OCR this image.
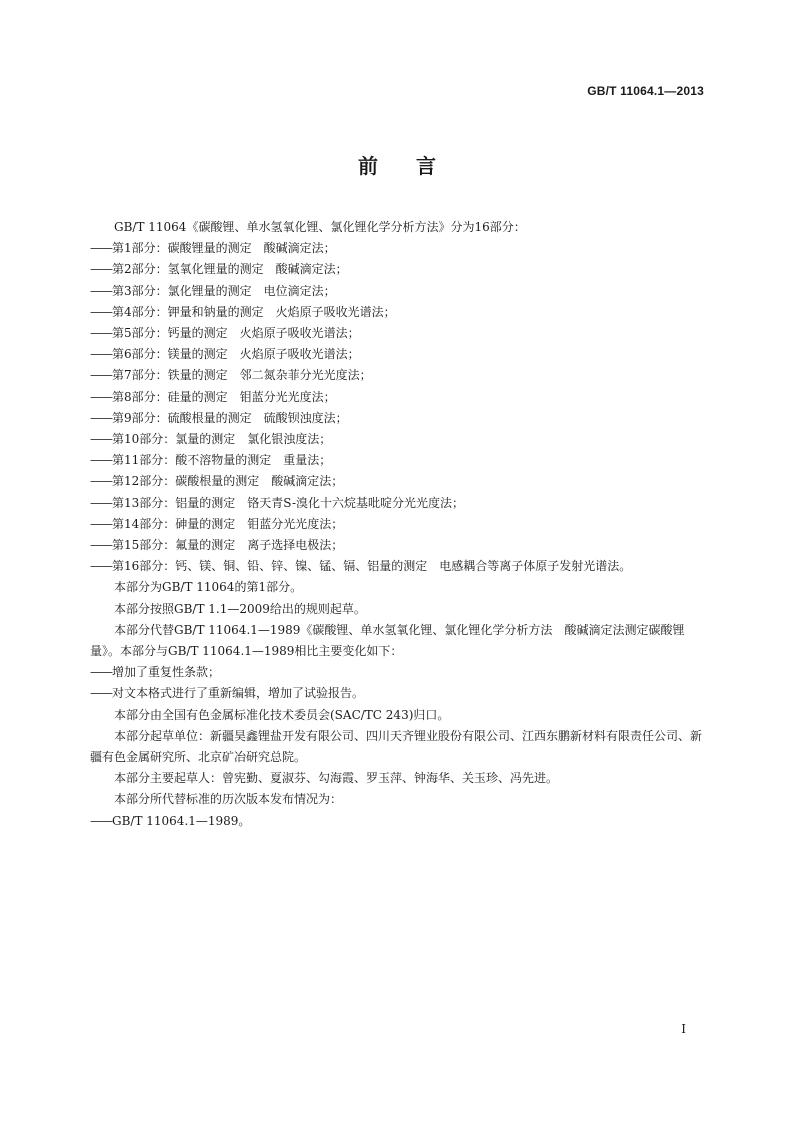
GB/T 11064.1—2013
前言

GB/T 11064《碳酸锂、单水氢氧化锂、氯化锂化学分析方法》分为16部分：

——第1部分：碳酸锂量的测定 酸碱滴定法；

——第2部分：氢氧化锂量的测定 酸碱滴定法；

——第3部分：氯化锂量的测定 电位滴定法；

——第4部分：钾量和钠量的测定 火焰原子吸收光谱法；

——第5部分：钙量的测定 火焰原子吸收光谱法；

——第6部分：镁量的测定 火焰原子吸收光谱法；

——第7部分：铁量的测定 邻二氮杂菲分光光度法；

——第8部分：硅量的测定 钼蓝分光光度法；

——第9部分：硫酸根量的测定 硫酸钡浊度法；

——第10部分：氯量的测定 氯化银浊度法；

——第11部分：酸不溶物量的测定 重量法；

——第12部分：碳酸根量的测定 酸碱滴定法；

——第13部分：铝量的测定 铬天青S-溴化十六烷基吡啶分光光度法；

——第14部分：砷量的测定 钼蓝分光光度法；

——第15部分：氟量的测定 离子选择电极法；

——第16部分：钙、镁、铜、铅、锌、镍、锰、镉、铝量的测定 电感耦合等离子体原子发射光谱法。

本部分为GB/T 11064的第1部分。

本部分按照GB/T 1.1—2009给出的规则起草。

本部分代替GB/T 11064.1—1989《碳酸锂、单水氢氧化锂、氯化锂化学分析方法 酸碱滴定法测定碳酸锂量》。本部分与GB/T 11064.1—1989相比主要变化如下：

——增加了重复性条款；

——对文本格式进行了重新编辑，增加了试验报告。

本部分由全国有色金属标准化技术委员会(SAC/TC 243)归口。

本部分起草单位：新疆昊鑫锂盐开发有限公司、四川天齐锂业股份有限公司、江西东鹏新材料有限责任公司、新疆有色金属研究所、北京矿冶研究总院。

本部分主要起草人：曾宪勤、夏淑芬、勾海霞、罗玉萍、钟海华、关玉珍、冯先进。

本部分所代替标准的历次版本发布情况为：

——GB/T 11064.1—1989。

I
